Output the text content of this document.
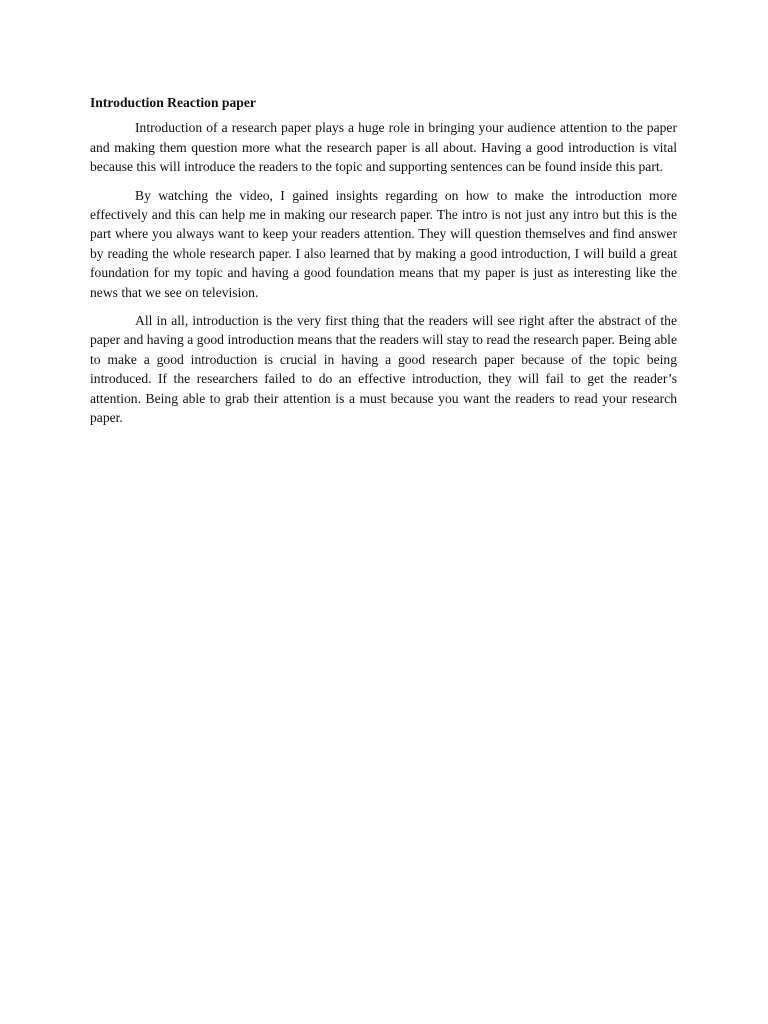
Introduction Reaction paper

Introduction of a research paper plays a huge role in bringing your audience attention to the paper and making them question more what the research paper is all about. Having a good introduction is vital because this will introduce the readers to the topic and supporting sentences can be found inside this part.

By watching the video, I gained insights regarding on how to make the introduction more effectively and this can help me in making our research paper. The intro is not just any intro but this is the part where you always want to keep your readers attention. They will question themselves and find answer by reading the whole research paper. I also learned that by making a good introduction, I will build a great foundation for my topic and having a good foundation means that my paper is just as interesting like the news that we see on television.

All in all, introduction is the very first thing that the readers will see right after the abstract of the paper and having a good introduction means that the readers will stay to read the research paper. Being able to make a good introduction is crucial in having a good research paper because of the topic being introduced. If the researchers failed to do an effective introduction, they will fail to get the reader’s attention. Being able to grab their attention is a must because you want the readers to read your research paper.
